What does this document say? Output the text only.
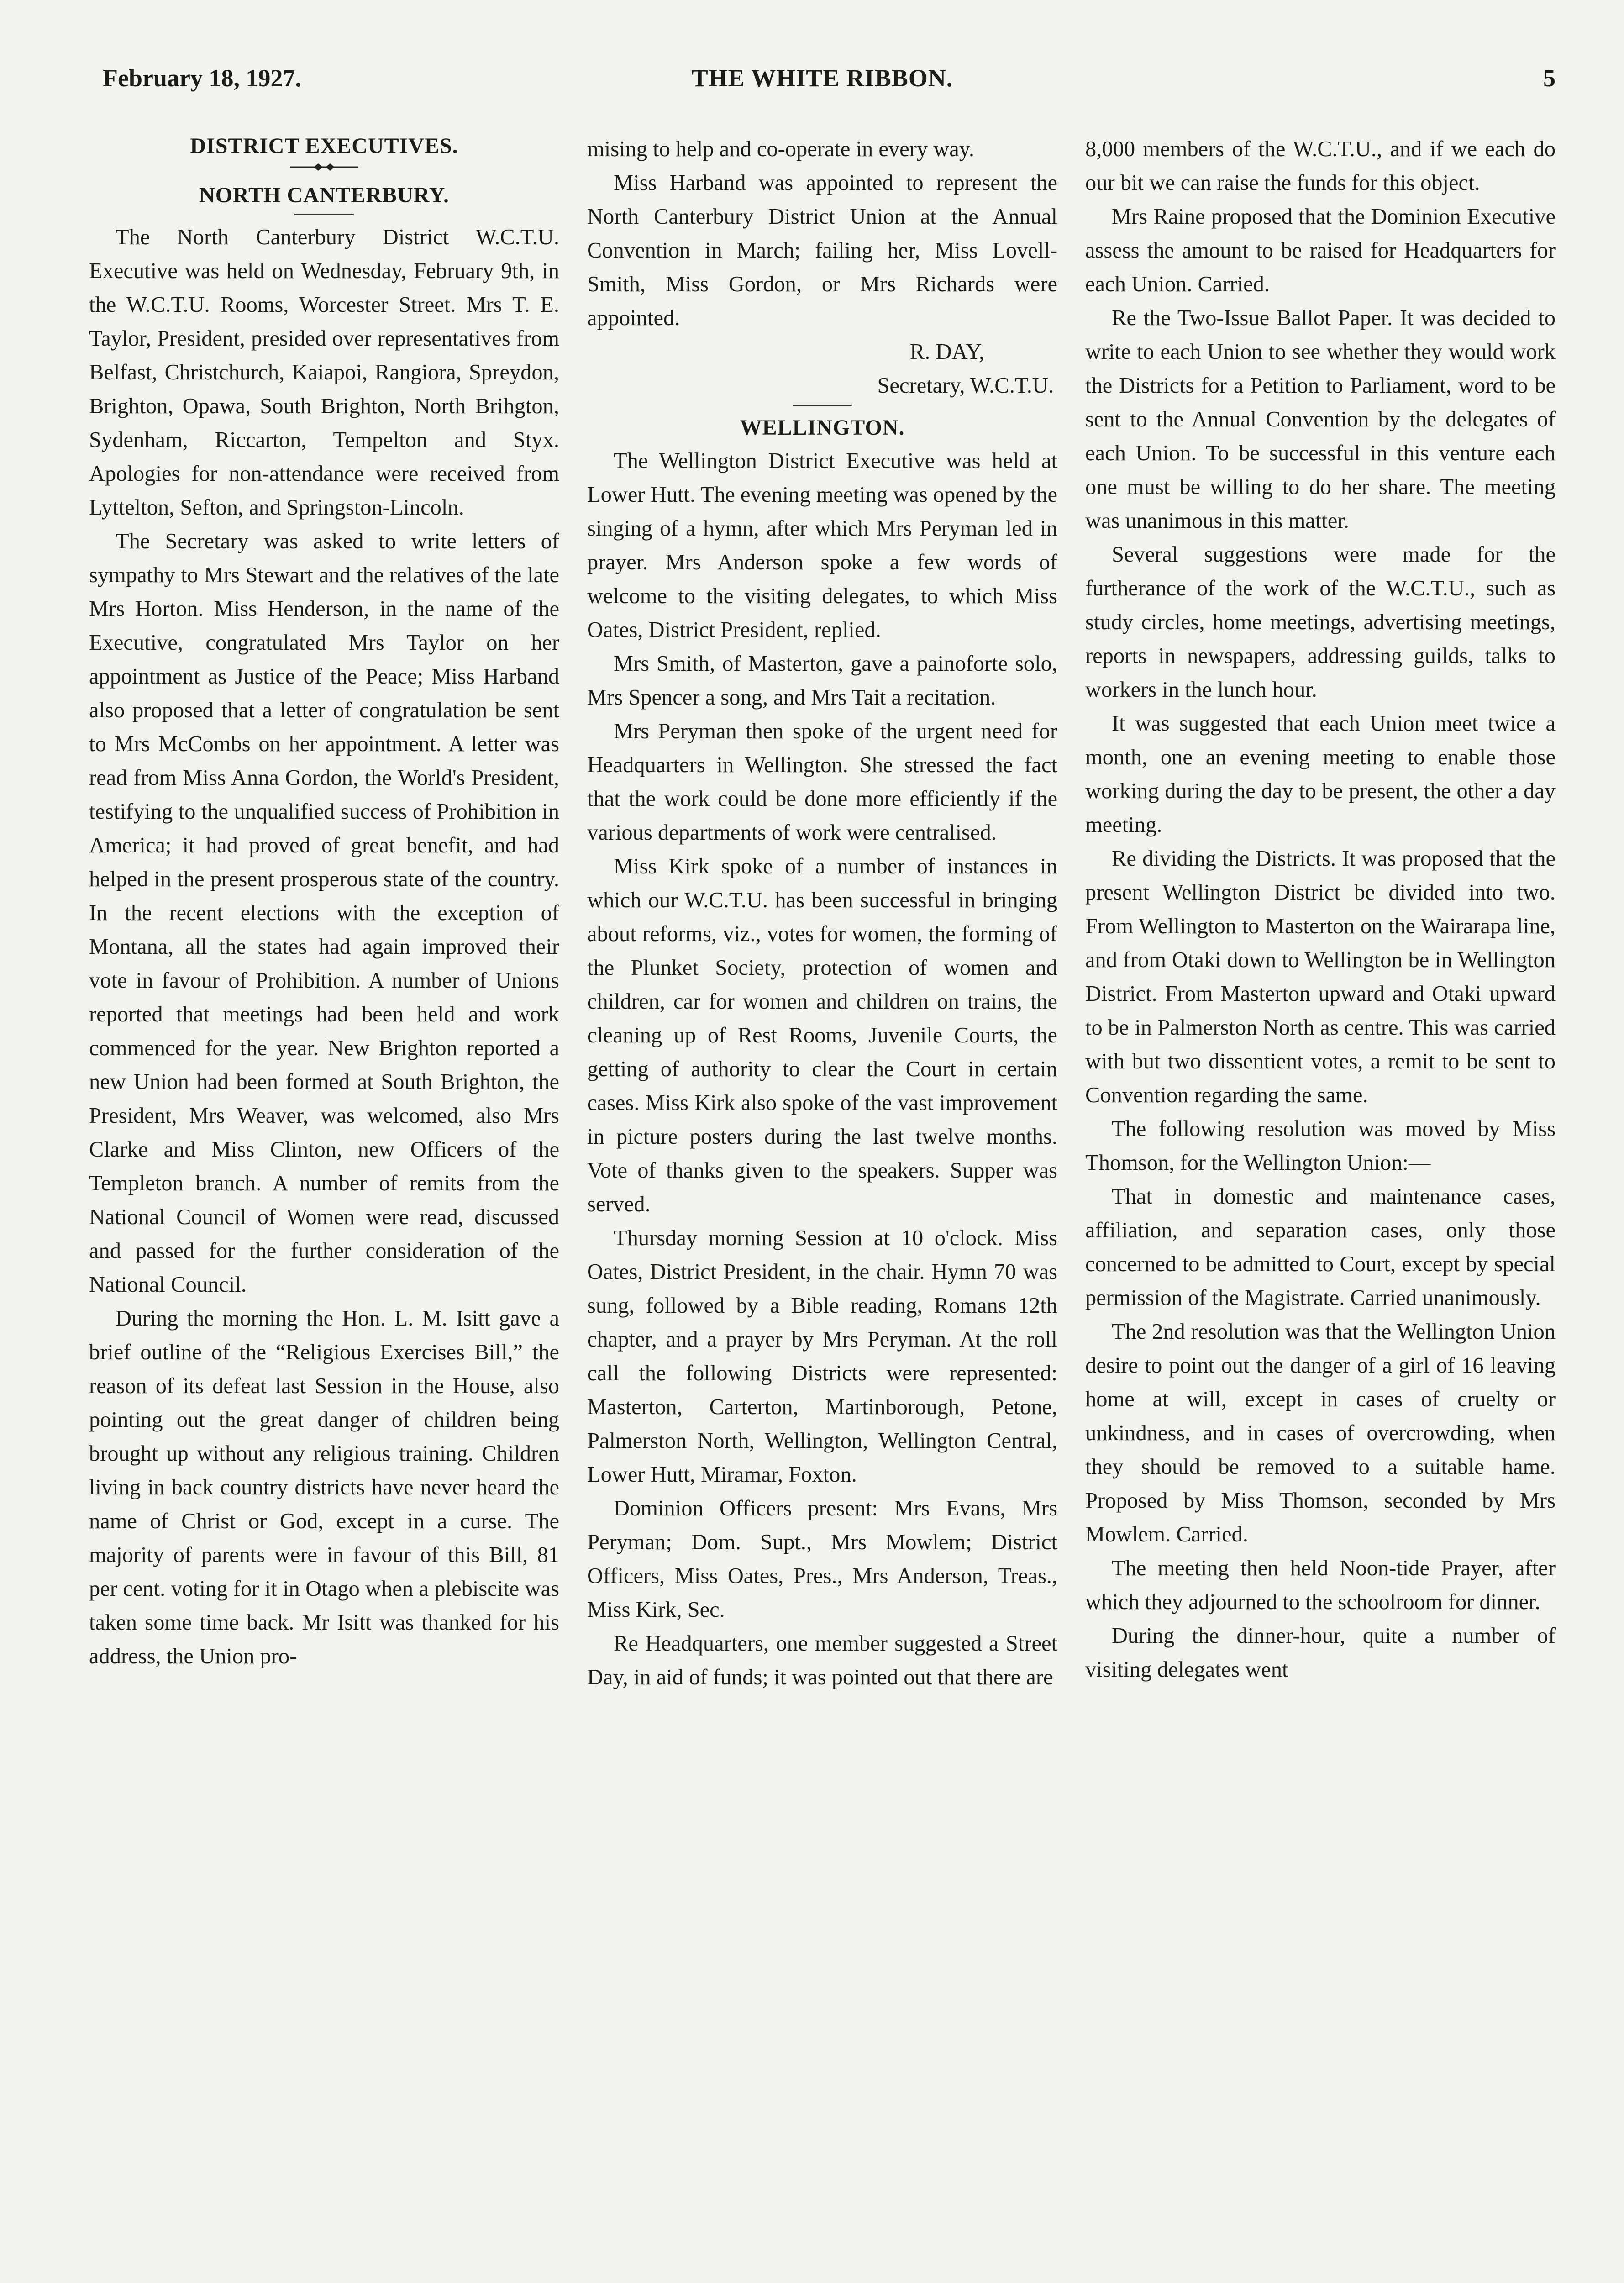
February 18, 1927.	THE WHITE RIBBON.	5
DISTRICT EXECUTIVES.
NORTH CANTERBURY.

The North Canterbury District W.C.T.U. Executive was held on Wednesday, February 9th, in the W.C.T.U. Rooms, Worcester Street. Mrs T. E. Taylor, President, presided over representatives from Belfast, Christchurch, Kaiapoi, Rangiora, Spreydon, Brighton, Opawa, South Brighton, North Brihgton, Sydenham, Riccarton, Tempelton and Styx. Apologies for non-attendance were received from Lyttelton, Sefton, and Springston-Lincoln.

The Secretary was asked to write letters of sympathy to Mrs Stewart and the relatives of the late Mrs Horton. Miss Henderson, in the name of the Executive, congratulated Mrs Taylor on her appointment as Justice of the Peace; Miss Harband also proposed that a letter of congratulation be sent to Mrs McCombs on her appointment. A letter was read from Miss Anna Gordon, the World's President, testifying to the unqualified success of Prohibition in America; it had proved of great benefit, and had helped in the present prosperous state of the country. In the recent elections with the exception of Montana, all the states had again improved their vote in favour of Prohibition. A number of Unions reported that meetings had been held and work commenced for the year. New Brighton reported a new Union had been formed at South Brighton, the President, Mrs Weaver, was welcomed, also Mrs Clarke and Miss Clinton, new Officers of the Templeton branch. A number of remits from the National Council of Women were read, discussed and passed for the further consideration of the National Council.

During the morning the Hon. L. M. Isitt gave a brief outline of the “Religious Exercises Bill,” the reason of its defeat last Session in the House, also pointing out the great danger of children being brought up without any religious training. Children living in back country districts have never heard the name of Christ or God, except in a curse. The majority of parents were in favour of this Bill, 81 per cent. voting for it in Otago when a plebiscite was taken some time back. Mr Isitt was thanked for his address, the Union pro-

mising to help and co-operate in every way.

Miss Harband was appointed to represent the North Canterbury District Union at the Annual Convention in March; failing her, Miss Lovell-Smith, Miss Gordon, or Mrs Richards were appointed.

R. DAY,

Secretary, W.C.T.U.

WELLINGTON.

The Wellington District Executive was held at Lower Hutt. The evening meeting was opened by the singing of a hymn, after which Mrs Peryman led in prayer. Mrs Anderson spoke a few words of welcome to the visiting delegates, to which Miss Oates, District President, replied.

Mrs Smith, of Masterton, gave a painoforte solo, Mrs Spencer a song, and Mrs Tait a recitation.

Mrs Peryman then spoke of the urgent need for Headquarters in Wellington. She stressed the fact that the work could be done more efficiently if the various departments of work were centralised.

Miss Kirk spoke of a number of instances in which our W.C.T.U. has been successful in bringing about reforms, viz., votes for women, the forming of the Plunket Society, protection of women and children, car for women and children on trains, the cleaning up of Rest Rooms, Juvenile Courts, the getting of authority to clear the Court in certain cases. Miss Kirk also spoke of the vast improvement in picture posters during the last twelve months. Vote of thanks given to the speakers. Supper was served.

Thursday morning Session at 10 o'clock. Miss Oates, District President, in the chair. Hymn 70 was sung, followed by a Bible reading, Romans 12th chapter, and a prayer by Mrs Peryman. At the roll call the following Districts were represented: Masterton, Carterton, Martinborough, Petone, Palmerston North, Wellington, Wellington Central, Lower Hutt, Miramar, Foxton.

Dominion Officers present: Mrs Evans, Mrs Peryman; Dom. Supt., Mrs Mowlem; District Officers, Miss Oates, Pres., Mrs Anderson, Treas., Miss Kirk, Sec.

Re Headquarters, one member suggested a Street Day, in aid of funds; it was pointed out that there are

8,000 members of the W.C.T.U., and if we each do our bit we can raise the funds for this object.

Mrs Raine proposed that the Dominion Executive assess the amount to be raised for Headquarters for each Union. Carried.

Re the Two-Issue Ballot Paper. It was decided to write to each Union to see whether they would work the Districts for a Petition to Parliament, word to be sent to the Annual Convention by the delegates of each Union. To be successful in this venture each one must be willing to do her share. The meeting was unanimous in this matter.

Several suggestions were made for the furtherance of the work of the W.C.T.U., such as study circles, home meetings, advertising meetings, reports in newspapers, addressing guilds, talks to workers in the lunch hour.

It was suggested that each Union meet twice a month, one an evening meeting to enable those working during the day to be present, the other a day meeting.

Re dividing the Districts. It was proposed that the present Wellington District be divided into two. From Wellington to Masterton on the Wairarapa line, and from Otaki down to Wellington be in Wellington District. From Masterton upward and Otaki upward to be in Palmerston North as centre. This was carried with but two dissentient votes, a remit to be sent to Convention regarding the same.

The following resolution was moved by Miss Thomson, for the Wellington Union:—

That in domestic and maintenance cases, affiliation, and separation cases, only those concerned to be admitted to Court, except by special permission of the Magistrate. Carried unanimously.

The 2nd resolution was that the Wellington Union desire to point out the danger of a girl of 16 leaving home at will, except in cases of cruelty or unkindness, and in cases of overcrowding, when they should be removed to a suitable hame. Proposed by Miss Thomson, seconded by Mrs Mowlem. Carried.

The meeting then held Noon-tide Prayer, after which they adjourned to the schoolroom for dinner.

During the dinner-hour, quite a number of visiting delegates went
